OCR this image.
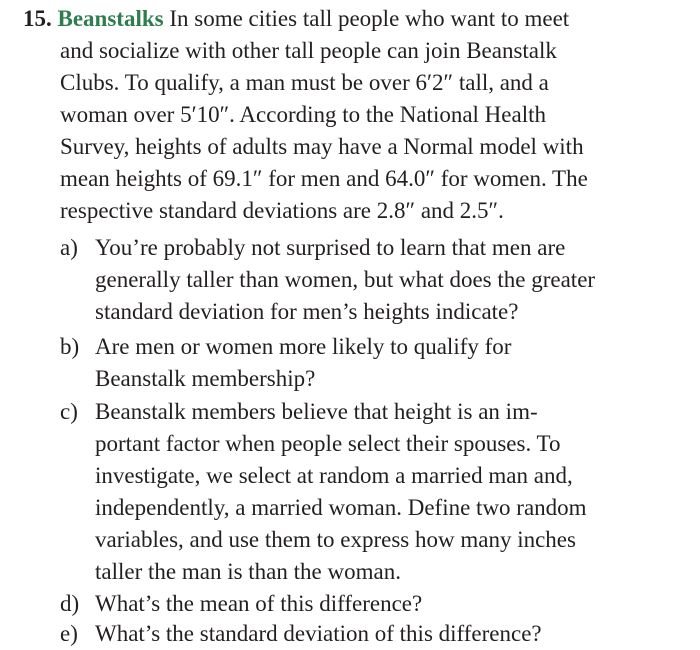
15. Beanstalks In some cities tall people who want to meet
and socialize with other tall people can join Beanstalk
Clubs. To qualify, a man must be over 6′2″ tall, and a
woman over 5′10″. According to the National Health
Survey, heights of adults may have a Normal model with
mean heights of 69.1″ for men and 64.0″ for women. The
respective standard deviations are 2.8″ and 2.5″.
a) You’re probably not surprised to learn that men are
generally taller than women, but what does the greater
standard deviation for men’s heights indicate?
b) Are men or women more likely to qualify for
Beanstalk membership?
c) Beanstalk members believe that height is an im-
portant factor when people select their spouses. To
investigate, we select at random a married man and,
independently, a married woman. Define two random
variables, and use them to express how many inches
taller the man is than the woman.
d) What’s the mean of this difference?
e) What’s the standard deviation of this difference?
